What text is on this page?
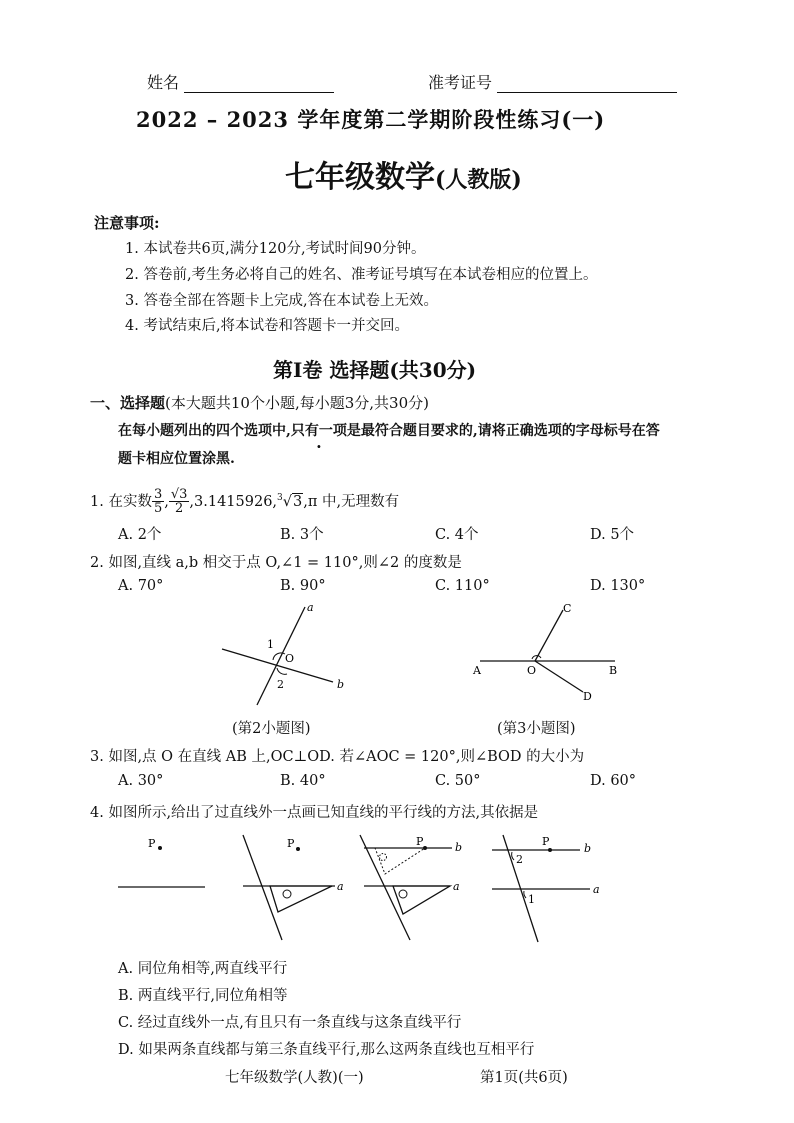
姓名	准考证号
2022 – 2023 学年度第二学期阶段性练习(一)
七年级数学(人教版)
注意事项:
1. 本试卷共6页,满分120分,考试时间90分钟。
2. 答卷前,考生务必将自己的姓名、准考证号填写在本试卷相应的位置上。
3. 答卷全部在答题卡上完成,答在本试卷上无效。
4. 考试结束后,将本试卷和答题卡一并交回。
第Ⅰ卷 选择题(共30分)
一、选择题(本大题共10个小题,每小题3分,共30分)
在每小题列出的四个选项中,只有一项是最符合题目要求的,请将正确选项的字母标号在答
题卡相应位置涂黑.
1. 在实数 $\frac{3}{5}$ , $\frac{√3}{2} ,3.1415926,^3√3,\pi$ 中,无理数有
A. 2个	B. 3个	C. 4个	D. 5个
2. 如图,直线 a,b 相交于点 O,∠1 = 110°,则∠2 的度数是
A. 70°	B. 90°	C. 110°	D. 130°
a
b
O
1
2
A	O	B
C
D
(第2小题图)	(第3小题图)
3. 如图,点 O 在直线 AB 上,OC⊥OD. 若∠AOC = 120°,则∠BOD 的大小为
A. 30°	B. 40°	C. 50°	D. 60°
4. 如图所示,给出了过直线外一点画已知直线的平行线的方法,其依据是
P	P
a
P	b
a
P
b
a
2
1
A. 同位角相等,两直线平行
B. 两直线平行,同位角相等
C. 经过直线外一点,有且只有一条直线与这条直线平行
D. 如果两条直线都与第三条直线平行,那么这两条直线也互相平行
七年级数学(人教)(一)	第1页(共6页)
